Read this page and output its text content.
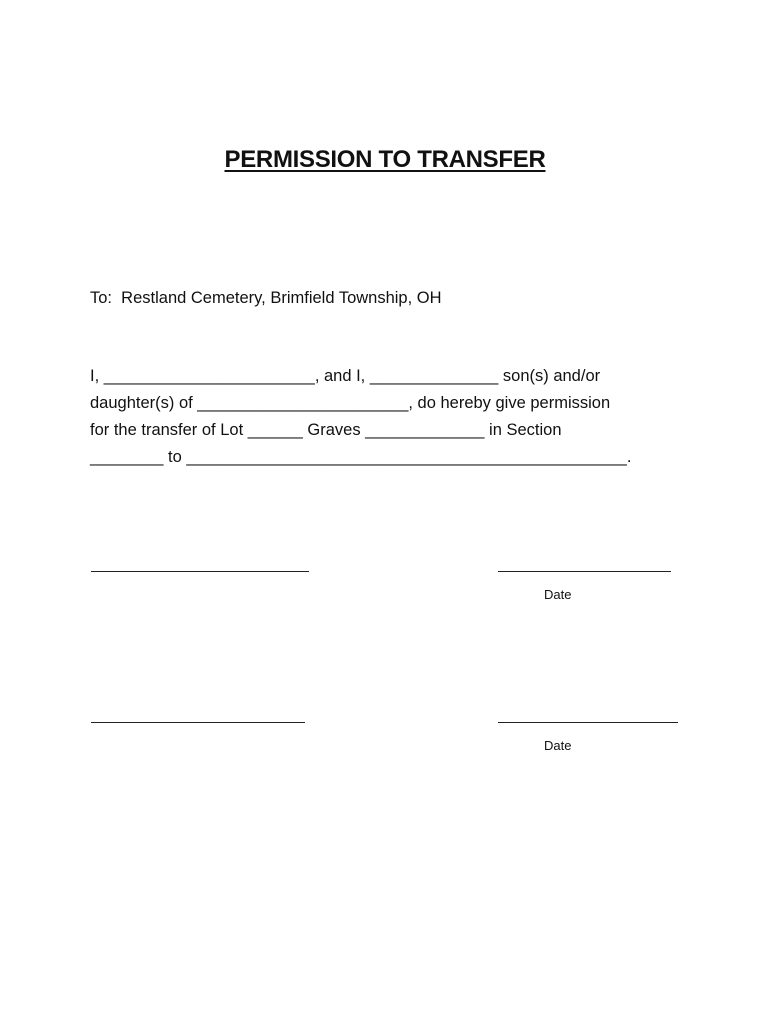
PERMISSION TO TRANSFER
To:  Restland Cemetery, Brimfield Township, OH
I, _______________________, and I, ______________ son(s) and/or
daughter(s) of _______________________, do hereby give permission
for the transfer of Lot ______ Graves _____________ in Section
________ to ________________________________________________.
Date
Date
